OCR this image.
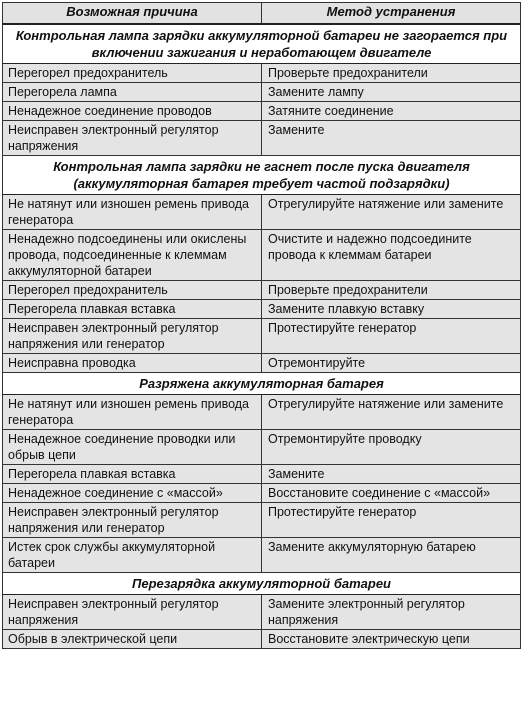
Возможная причина	Метод устранения
Контрольная лампа зарядки аккумуляторной батареи не загорается при включении зажигания и неработающем двигателе	
Перегорел предохранитель	Проверьте предохранители
Перегорела лампа	Замените лампу
Ненадежное соединение проводов	Затяните соединение
Неисправен электронный регулятор напряжения	Замените
Контрольная лампа зарядки не гаснет после пуска двигателя (аккумуляторная батарея требует частой подзарядки)	
Не натянут или изношен ремень привода генератора	Отрегулируйте натяжение или замените
Ненадежно подсоединены или окислены провода, подсоединенные к клеммам аккумуляторной батареи	Очистите и надежно подсоедините провода к клеммам батареи
Перегорел предохранитель	Проверьте предохранители
Перегорела плавкая вставка	Замените плавкую вставку
Неисправен электронный регулятор напряжения или генератор	Протестируйте генератор
Неисправна проводка	Отремонтируйте
Разряжена аккумуляторная батарея	
Не натянут или изношен ремень привода генератора	Отрегулируйте натяжение или замените
Ненадежное соединение проводки или обрыв цепи	Отремонтируйте проводку
Перегорела плавкая вставка	Замените
Ненадежное соединение с «массой»	Восстановите соединение с «массой»
Неисправен электронный регулятор напряжения или генератор	Протестируйте генератор
Истек срок службы аккумуляторной батареи	Замените аккумуляторную батарею
Перезарядка аккумуляторной батареи	
Неисправен электронный регулятор напряжения	Замените электронный регулятор напряжения
Обрыв в электрической цепи	Восстановите электрическую цепи
